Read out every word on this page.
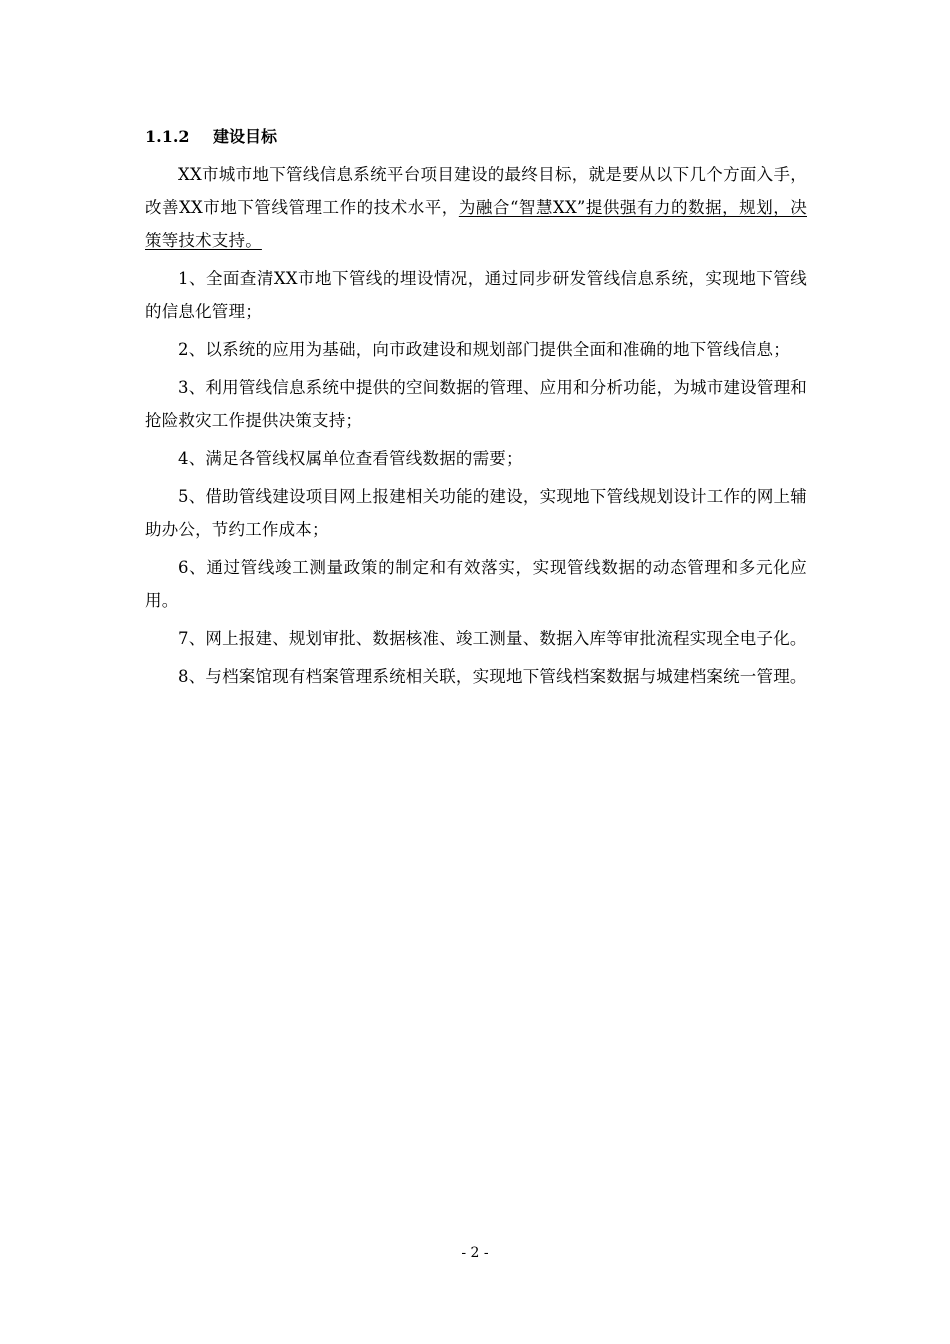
1.1.2 建设目标

XX市城市地下管线信息系统平台项目建设的最终目标，就是要从以下几个方面入手，改善XX市地下管线管理工作的技术水平，为融合“智慧XX”提供强有力的数据，规划，决策等技术支持。

1、全面查清XX市地下管线的埋设情况，通过同步研发管线信息系统，实现地下管线的信息化管理；

2、以系统的应用为基础，向市政建设和规划部门提供全面和准确的地下管线信息；

3、利用管线信息系统中提供的空间数据的管理、应用和分析功能，为城市建设管理和抢险救灾工作提供决策支持；

4、满足各管线权属单位查看管线数据的需要；

5、借助管线建设项目网上报建相关功能的建设，实现地下管线规划设计工作的网上辅助办公，节约工作成本；

6、通过管线竣工测量政策的制定和有效落实，实现管线数据的动态管理和多元化应用。

7、网上报建、规划审批、数据核准、竣工测量、数据入库等审批流程实现全电子化。

8、与档案馆现有档案管理系统相关联，实现地下管线档案数据与城建档案统一管理。

- 2 -
